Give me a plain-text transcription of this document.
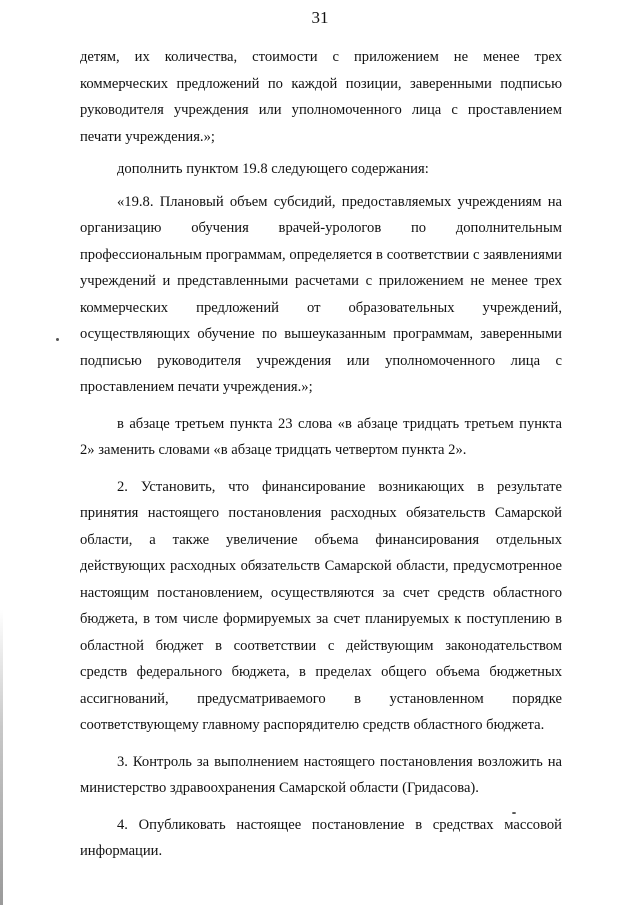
31

детям, их количества, стоимости с приложением не менее трех коммерческих предложений по каждой позиции, заверенными подписью руководителя учреждения или уполномоченного лица с проставлением печати учреждения.»;

дополнить пунктом 19.8 следующего содержания:

«19.8. Плановый объем субсидий, предоставляемых учреждениям на организацию обучения врачей-урологов по дополнительным профессиональным программам, определяется в соответствии с заявлениями учреждений и представленными расчетами с приложением не менее трех коммерческих предложений от образовательных учреждений, осуществляющих обучение по вышеуказанным программам, заверенными подписью руководителя учреждения или уполномоченного лица с проставлением печати учреждения.»;

в абзаце третьем пункта 23 слова «в абзаце тридцать третьем пункта 2» заменить словами «в абзаце тридцать четвертом пункта 2».

2. Установить, что финансирование возникающих в результате принятия настоящего постановления расходных обязательств Самарской области, а также увеличение объема финансирования отдельных действующих расходных обязательств Самарской области, предусмотренное настоящим постановлением, осуществляются за счет средств областного бюджета, в том числе формируемых за счет планируемых к поступлению в областной бюджет в соответствии с действующим законодательством средств федерального бюджета, в пределах общего объема бюджетных ассигнований, предусматриваемого в установленном порядке соответствующему главному распорядителю средств областного бюджета.

3. Контроль за выполнением настоящего постановления возложить на министерство здравоохранения Самарской области (Гридасова).

4. Опубликовать настоящее постановление в средствах массовой информации.
